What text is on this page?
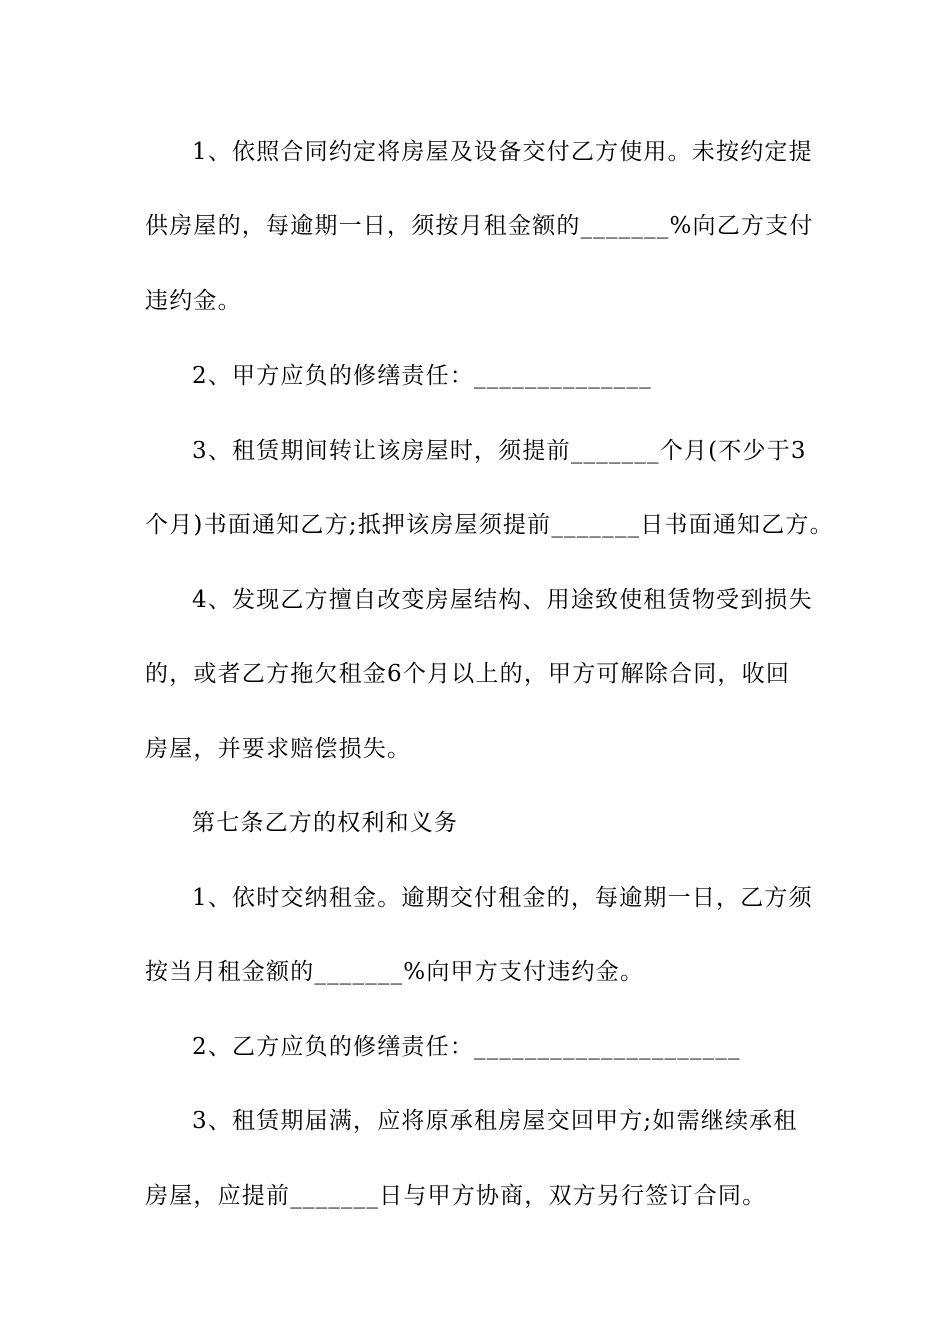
1、依照合同约定将房屋及设备交付乙方使用。未按约定提
供房屋的，每逾期一日，须按月租金额的_______%向乙方支付
违约金。
2、甲方应负的修缮责任：______________
3、租赁期间转让该房屋时，须提前_______个月(不少于3
个月)书面通知乙方;抵押该房屋须提前_______日书面通知乙方。
4、发现乙方擅自改变房屋结构、用途致使租赁物受到损失
的，或者乙方拖欠租金6个月以上的，甲方可解除合同，收回
房屋，并要求赔偿损失。
第七条乙方的权利和义务
1、依时交纳租金。逾期交付租金的，每逾期一日，乙方须
按当月租金额的_______%向甲方支付违约金。
2、乙方应负的修缮责任：_____________________
3、租赁期届满，应将原承租房屋交回甲方;如需继续承租
房屋，应提前_______日与甲方协商，双方另行签订合同。
